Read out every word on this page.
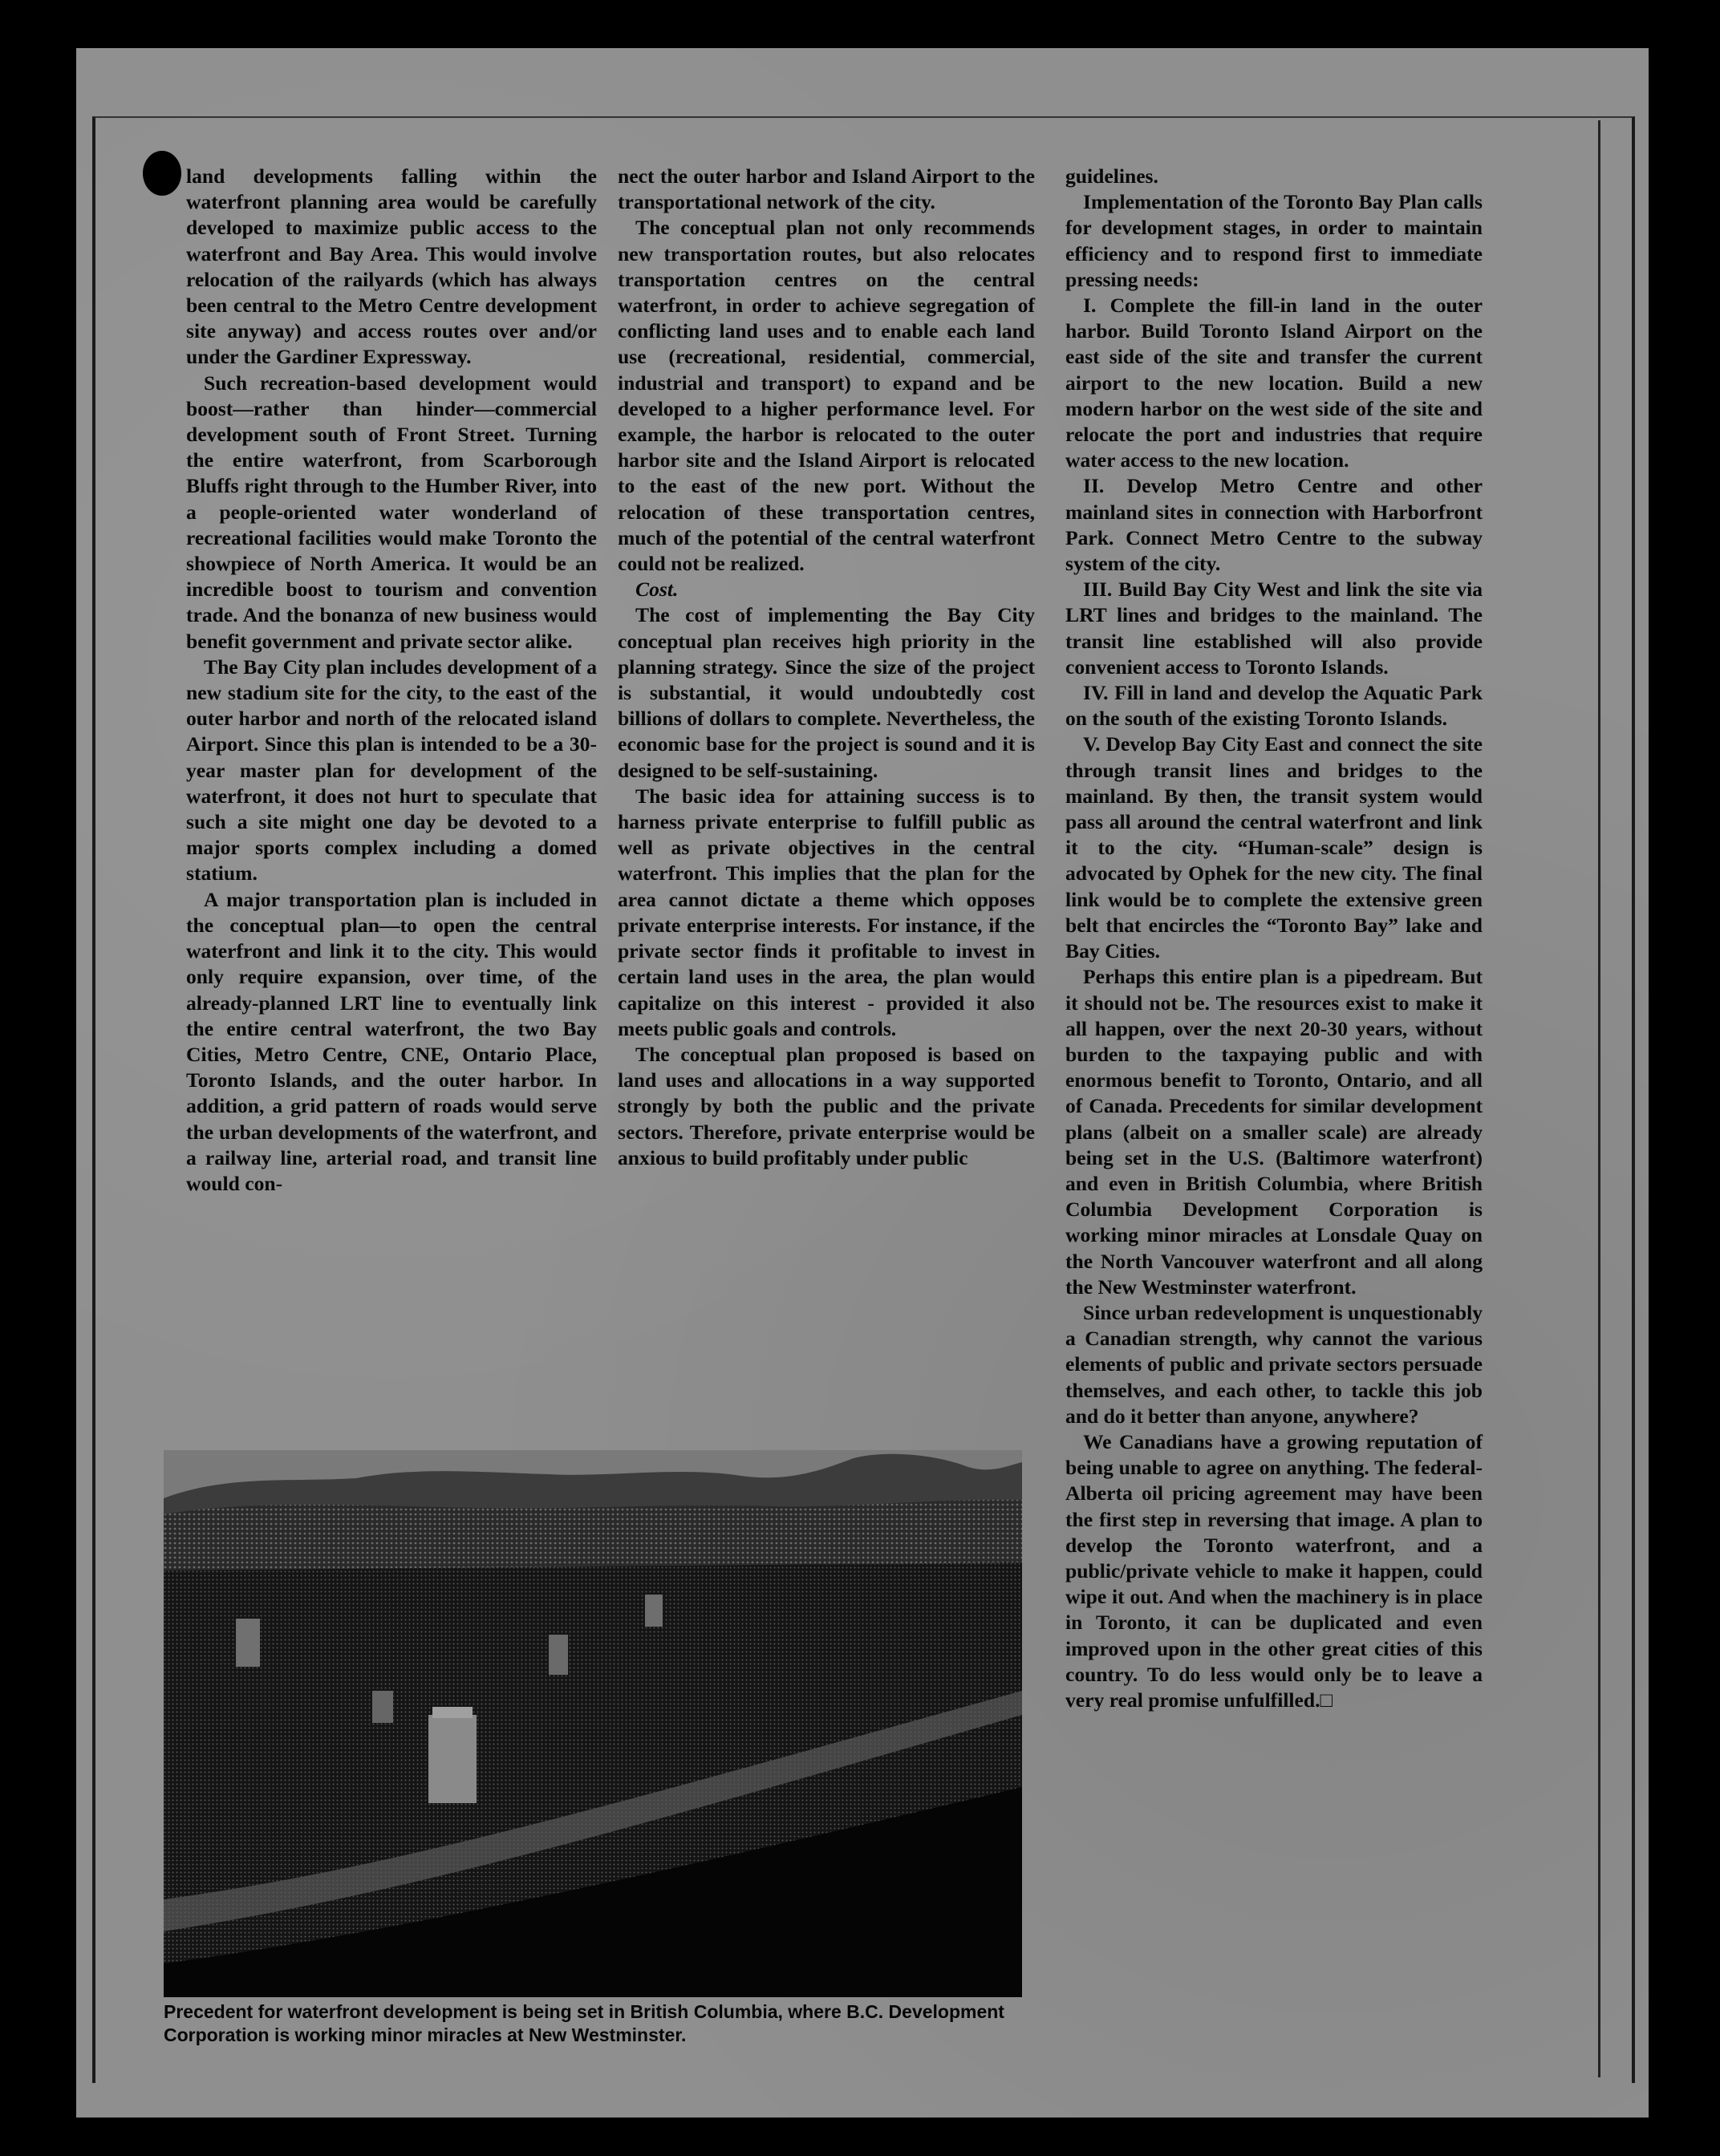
land developments falling within the waterfront planning area would be carefully developed to maximize public access to the waterfront and Bay Area. This would involve relocation of the railyards (which has always been central to the Metro Centre development site anyway) and access routes over and/or under the Gardiner Expressway.

Such recreation-based development would boost—rather than hinder—commercial development south of Front Street. Turning the entire waterfront, from Scarborough Bluffs right through to the Humber River, into a people-oriented water wonderland of recreational facilities would make Toronto the showpiece of North America. It would be an incredible boost to tourism and convention trade. And the bonanza of new business would benefit government and private sector alike.

The Bay City plan includes development of a new stadium site for the city, to the east of the outer harbor and north of the relocated island Airport. Since this plan is intended to be a 30-year master plan for development of the waterfront, it does not hurt to speculate that such a site might one day be devoted to a major sports complex including a domed statium.

A major transportation plan is included in the conceptual plan—to open the central waterfront and link it to the city. This would only require expansion, over time, of the already-planned LRT line to eventually link the entire central waterfront, the two Bay Cities, Metro Centre, CNE, Ontario Place, Toronto Islands, and the outer harbor. In addition, a grid pattern of roads would serve the urban developments of the waterfront, and a railway line, arterial road, and transit line would con-

nect the outer harbor and Island Airport to the transportational network of the city.

The conceptual plan not only recommends new transportation routes, but also relocates transportation centres on the central waterfront, in order to achieve segregation of conflicting land uses and to enable each land use (recreational, residential, commercial, industrial and transport) to expand and be developed to a higher performance level. For example, the harbor is relocated to the outer harbor site and the Island Airport is relocated to the east of the new port. Without the relocation of these transportation centres, much of the potential of the central waterfront could not be realized.

Cost.

The cost of implementing the Bay City conceptual plan receives high priority in the planning strategy. Since the size of the project is substantial, it would undoubtedly cost billions of dollars to complete. Nevertheless, the economic base for the project is sound and it is designed to be self-sustaining.

The basic idea for attaining success is to harness private enterprise to fulfill public as well as private objectives in the central waterfront. This implies that the plan for the area cannot dictate a theme which opposes private enterprise interests. For instance, if the private sector finds it profitable to invest in certain land uses in the area, the plan would capitalize on this interest - provided it also meets public goals and controls.

The conceptual plan proposed is based on land uses and allocations in a way supported strongly by both the public and the private sectors. Therefore, private enterprise would be anxious to build profitably under public

guidelines.

Implementation of the Toronto Bay Plan calls for development stages, in order to maintain efficiency and to respond first to immediate pressing needs:

I. Complete the fill-in land in the outer harbor. Build Toronto Island Airport on the east side of the site and transfer the current airport to the new location. Build a new modern harbor on the west side of the site and relocate the port and industries that require water access to the new location.

II. Develop Metro Centre and other mainland sites in connection with Harborfront Park. Connect Metro Centre to the subway system of the city.

III. Build Bay City West and link the site via LRT lines and bridges to the mainland. The transit line established will also provide convenient access to Toronto Islands.

IV. Fill in land and develop the Aquatic Park on the south of the existing Toronto Islands.

V. Develop Bay City East and connect the site through transit lines and bridges to the mainland. By then, the transit system would pass all around the central waterfront and link it to the city. “Human-scale” design is advocated by Ophek for the new city. The final link would be to complete the extensive green belt that encircles the “Toronto Bay” lake and Bay Cities.

Perhaps this entire plan is a pipedream. But it should not be. The resources exist to make it all happen, over the next 20-30 years, without burden to the taxpaying public and with enormous benefit to Toronto, Ontario, and all of Canada. Precedents for similar development plans (albeit on a smaller scale) are already being set in the U.S. (Baltimore waterfront) and even in British Columbia, where British Columbia Development Corporation is working minor miracles at Lonsdale Quay on the North Vancouver waterfront and all along the New Westminster waterfront.

Since urban redevelopment is unquestionably a Canadian strength, why cannot the various elements of public and private sectors persuade themselves, and each other, to tackle this job and do it better than anyone, anywhere?

We Canadians have a growing reputation of being unable to agree on anything. The federal-Alberta oil pricing agreement may have been the first step in reversing that image. A plan to develop the Toronto waterfront, and a public/private vehicle to make it happen, could wipe it out. And when the machinery is in place in Toronto, it can be duplicated and even improved upon in the other great cities of this country. To do less would only be to leave a very real promise unfulfilled.□

Precedent for waterfront development is being set in British Columbia, where B.C. Development Corporation is working minor miracles at New Westminster.
